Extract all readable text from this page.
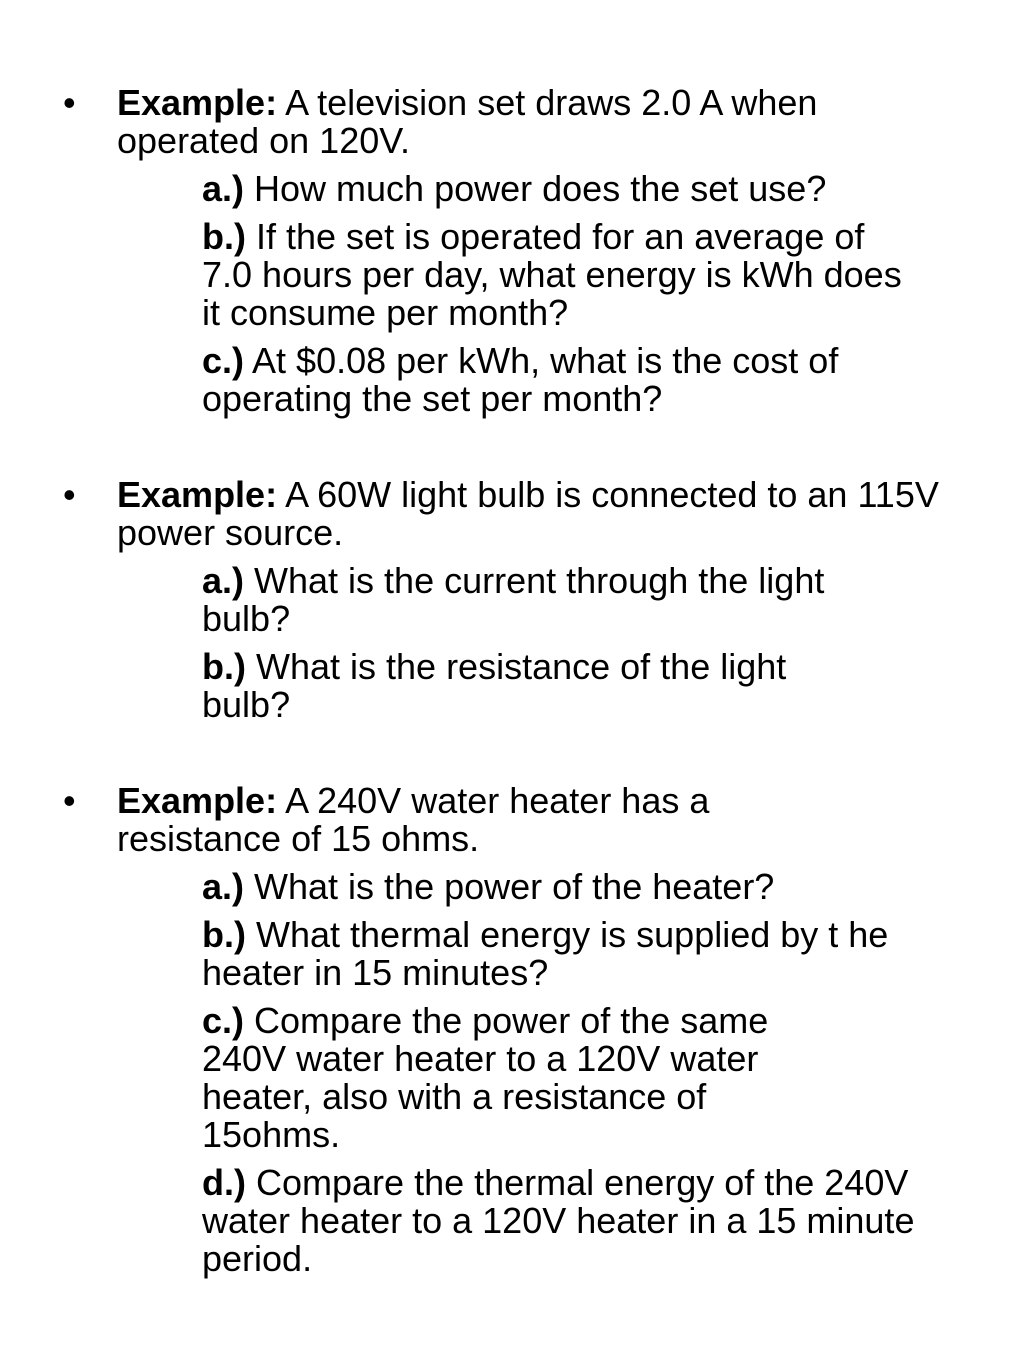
• Example: A television set draws 2.0 A when operated on 120V.
a.) How much power does the set use?
b.) If the set is operated for an average of 7.0 hours per day, what energy is kWh does it consume per month?
c.) At $0.08 per kWh, what is the cost of operating the set per month?
• Example: A 60W light bulb is connected to an 115V power source.
a.) What is the current through the light bulb?
b.) What is the resistance of the light bulb?
• Example: A 240V water heater has a resistance of 15 ohms.
a.) What is the power of the heater?
b.) What thermal energy is supplied by t he heater in 15 minutes?
c.) Compare the power of the same 240V water heater to a 120V water heater, also with a resistance of 15ohms.
d.) Compare the thermal energy of the 240V water heater to a 120V heater in a 15 minute period.
